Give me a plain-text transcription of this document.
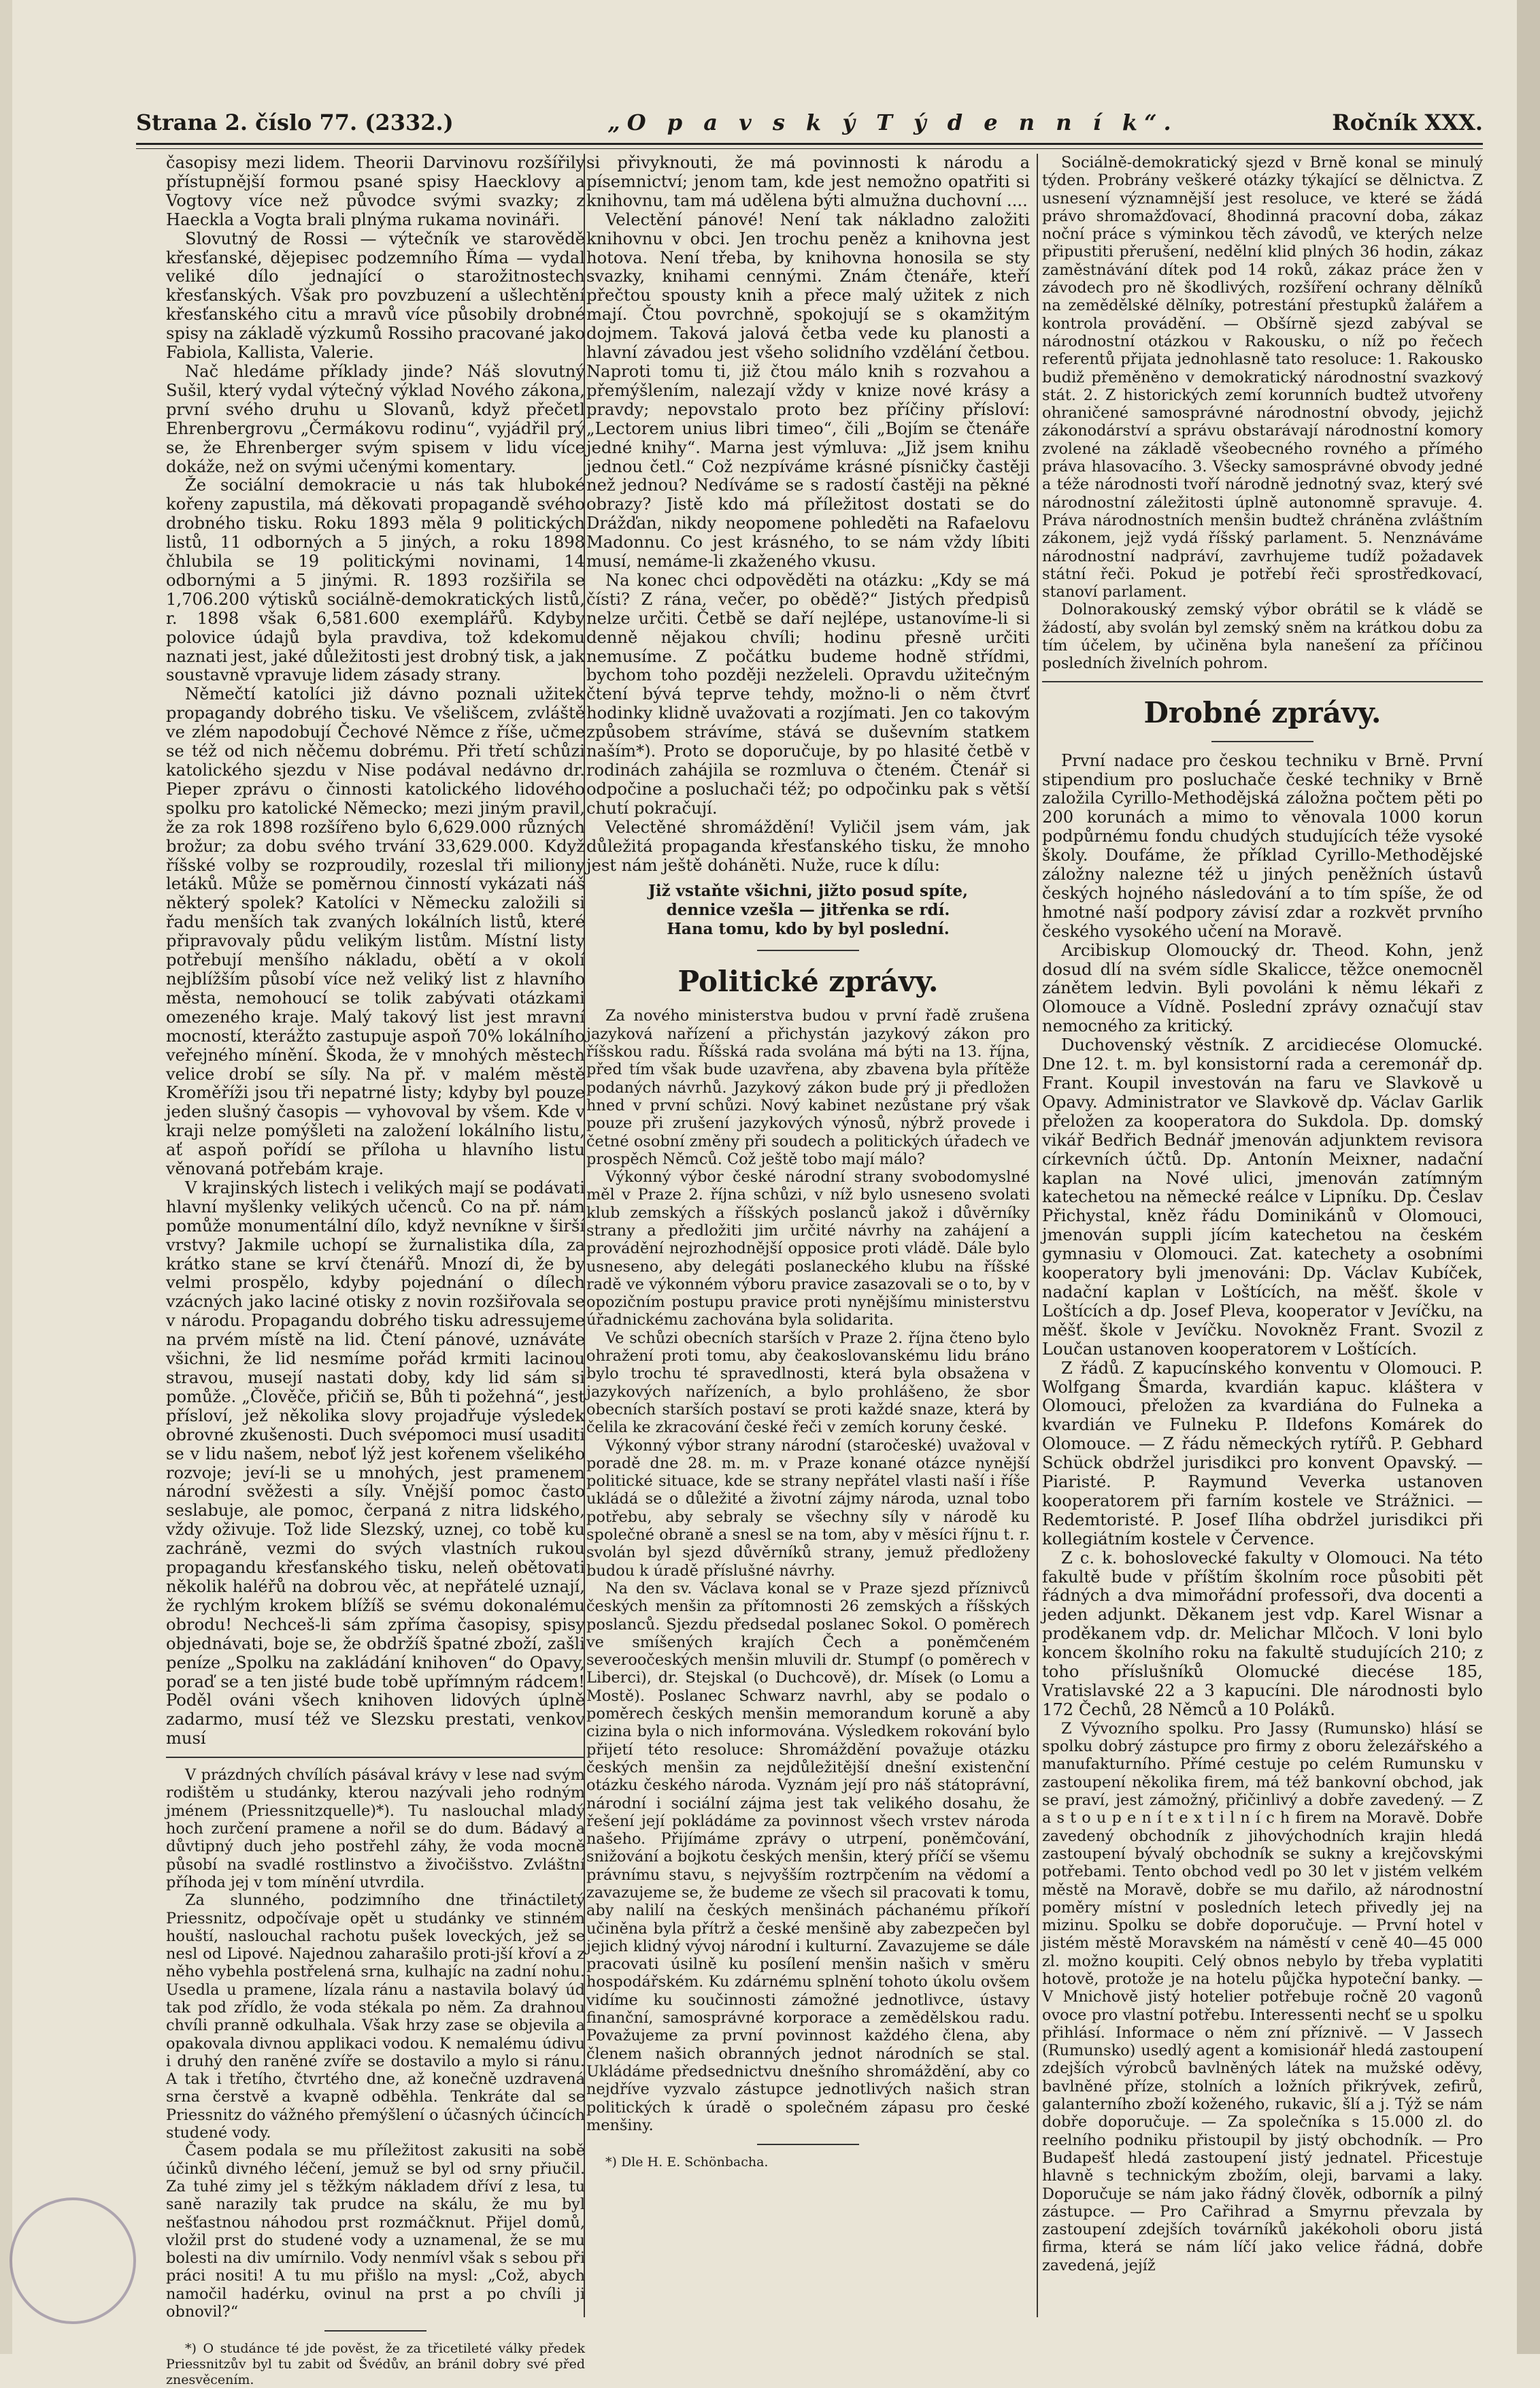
Strana 2. číslo 77. (2332.)	„O p a v s k ý T ý d e n n í k“.	Ročník XXX.

časopisy mezi lidem. Theorii Darvinovu rozšířily přístupnější formou psané spisy Haecklovy a Vogtovy více než původce svými svazky; z Haeckla a Vogta brali plnýma rukama novináři.

Slovutný de Rossi — výtečník ve starovědě křesťanské, dějepisec podzemního Říma — vydal veliké dílo jednající o starožitnostech křesťanských. Však pro povzbuzení a ušlechtění křesťanského citu a mravů více působily drobné spisy na základě výzkumů Rossiho pracované jako Fabiola, Kallista, Valerie.

Nač hledáme příklady jinde? Náš slovutný Sušil, který vydal výtečný výklad Nového zákona, první svého druhu u Slovanů, když přečetl Ehrenbergrovu „Čermákovu rodinu“, vyjádřil prý se, že Ehrenberger svým spisem v lidu více dokáže, než on svými učenými komentary.

Že sociální demokracie u nás tak hluboké kořeny zapustila, má děkovati propagandě svého drobného tisku. Roku 1893 měla 9 politických listů, 11 odborných a 5 jiných, a roku 1898 čhlubila se 19 politickými novinami, 14 odbornými a 5 jinými. R. 1893 rozšiřila se 1,706.200 výtisků sociálně-demokratických listů, r. 1898 však 6,581.600 exemplářů. Kdyby polovice údajů byla pravdiva, tož kdekomu naznati jest, jaké důležitosti jest drobný tisk, a jak soustavně vpravuje lidem zásady strany.

Němečtí katolíci již dávno poznali užitek propagandy dobrého tisku. Ve všelišcem, zvláště ve zlém napodobují Čechové Němce z říše, učme se též od nich něčemu dobrému. Při třetí schůzi katolického sjezdu v Nise podával nedávno dr. Pieper zprávu o činnosti katolického lidového spolku pro katolické Německo; mezi jiným pravil, že za rok 1898 rozšířeno bylo 6,629.000 různých brožur; za dobu svého trvání 33,629.000. Když říšské volby se rozproudily, rozeslal tři miliony letáků. Může se poměrnou činností vykázati náš některý spolek? Katolíci v Německu založili si řadu menších tak zvaných lokálních listů, které připravovaly půdu velikým listům. Místní listy potřebují menšího nákladu, obětí a v okolí nejblížším působí více než veliký list z hlavního města, nemohoucí se tolik zabývati otázkami omezeného kraje. Malý takový list jest mravní mocností, kterážto zastupuje aspoň 70% lokálního veřejného mínění. Škoda, že v mnohých městech velice drobí se síly. Na př. v malém městě Kroměříži jsou tři nepatrné listy; kdyby byl pouze jeden slušný časopis — vyhovoval by všem. Kde v kraji nelze pomýšleti na založení lokálního listu, ať aspoň pořídí se příloha u hlavního listu věnovaná potřebám kraje.

V krajinských listech i velikých mají se podávati hlavní myšlenky velikých učenců. Co na př. nám pomůže monumentální dílo, když nevníkne v širší vrstvy? Jakmile uchopí se žurnalistika díla, za krátko stane se krví čtenářů. Mnozí di, že by velmi prospělo, kdyby pojednání o dílech vzácných jako laciné otisky z novin rozšiřovala se v národu. Propagandu dobrého tisku adressujeme na prvém místě na lid. Čtení pánové, uznáváte všichni, že lid nesmíme pořád krmiti lacinou stravou, musejí nastati doby, kdy lid sám si pomůže. „Člověče, přičiň se, Bůh ti požehná“, jest přísloví, jež několika slovy projadřuje výsledek obrovné zkušenosti. Duch svépomoci musí usaditi se v lidu našem, neboť lýž jest kořenem všelikého rozvoje; jeví-li se u mnohých, jest pramenem národní svěžesti a síly. Vnější pomoc často seslabuje, ale pomoc, čerpaná z nitra lidského, vždy oživuje. Tož lide Slezský, uznej, co tobě ku zachráně, vezmi do svých vlastních rukou propagandu křesťanského tisku, neleň obětovati několik haléřů na dobrou věc, at nepřátelé uznají, že rychlým krokem blížíš se svému dokonalému obrodu! Nechceš-li sám zpříma časopisy, spisy objednávati, boje se, že obdržíš špatné zboží, zašli peníze „Spolku na zakládání knihoven“ do Opavy, poraď se a ten jisté bude tobě upřímným rádcem! Poděl ováni všech knihoven lidových úplně zadarmo, musí též ve Slezsku prestati, venkov musí

V prázdných chvílích pásával krávy v lese nad svým rodištěm u studánky, kterou nazývali jeho rodným jménem (Priessnitzquelle)*). Tu naslouchal mladý hoch zurčení pramene a nořil se do dum. Bádavý a důvtipný duch jeho postřehl záhy, že voda mocně působí na svadlé rostlinstvo a živočišstvo. Zvláštní příhoda jej v tom mínění utvrdila.

Za slunného, podzimního dne třináctiletý Priessnitz, odpočívaje opět u studánky ve stinném houští, naslouchal rachotu pušek loveckých, jež se nesl od Lipové. Najednou zaharašilo proti-jší křoví a z něho vybehla postřelená srna, kulhajíc na zadní nohu. Usedla u pramene, lízala ránu a nastavila bolavý úd tak pod zřídlo, že voda stékala po něm. Za drahnou chvíli pranně odkulhala. Však hrzy zase se objevila a opakovala divnou applikaci vodou. K nemalému údivu i druhý den raněné zvíře se dostavilo a mylo si ránu. A tak i třetího, čtvrtého dne, až konečně uzdravená srna čerstvě a kvapně odběhla. Tenkráte dal se Priessnitz do vážného přemýšlení o účasných účincích studené vody.

Časem podala se mu příležitost zakusiti na sobě účinků divného léčení, jemuž se byl od srny přiučil. Za tuhé zimy jel s těžkým nákladem dříví z lesa, tu saně narazily tak prudce na skálu, že mu byl nešťastnou náhodou prst rozmáčknut. Přijel domů, vložil prst do studené vody a uznamenal, že se mu bolesti na div umírnilo. Vody nenmívl však s sebou při práci nositi! A tu mu přišlo na mysl: „Což, abych namočil hadérku, ovinul na prst a po chvíli ji obnovil?“

*) O studánce té jde pověst, že za třicetileté války předek Priessnitzův byl tu zabit od Švédův, an bránil dobry své před znesvěcením.

si přivyknouti, že má povinnosti k národu a písemnictví; jenom tam, kde jest nemožno opatřiti si knihovnu, tam má udělena býti almužna duchovní ....

Velectění pánové! Není tak nákladno založiti knihovnu v obci. Jen trochu peněz a knihovna jest hotova. Není třeba, by knihovna honosila se sty svazky, knihami cennými. Znám čtenáře, kteří přečtou spousty knih a přece malý užitek z nich mají. Čtou povrchně, spokojují se s okamžitým dojmem. Taková jalová četba vede ku planosti a hlavní závadou jest všeho solidního vzdělání četbou. Naproti tomu ti, již čtou málo knih s rozvahou a přemýšlením, nalezají vždy v knize nové krásy a pravdy; nepovstalo proto bez příčiny přísloví: „Lectorem unius libri timeo“, čili „Bojím se čtenáře jedné knihy“. Marna jest výmluva: „Již jsem knihu jednou četl.“ Což nezpíváme krásné písničky častěji než jednou? Nedíváme se s radostí častěji na pěkné obrazy? Jistě kdo má příležitost dostati se do Drážďan, nikdy neopomene pohleděti na Rafaelovu Madonnu. Co jest krásného, to se nám vždy líbiti musí, nemáme-li zkaženého vkusu.

Na konec chci odpověděti na otázku: „Kdy se má čísti? Z rána, večer, po obědě?“ Jistých předpisů nelze určiti. Četbě se daří nejlépe, ustanovíme-li si denně nějakou chvíli; hodinu přesně určiti nemusíme. Z počátku budeme hodně střídmi, bychom toho později nezželeli. Opravdu užitečným čtení bývá teprve tehdy, možno-li o něm čtvrť hodinky klidně uvažovati a rozjímati. Jen co takovým způsobem strávíme, stává se duševním statkem naším*). Proto se doporučuje, by po hlasité četbě v rodinách zahájila se rozmluva o čteném. Čtenář si odpočine a posluchači též; po odpočinku pak s větší chutí pokračují.

Velectěné shromáždění! Vyličil jsem vám, jak důležitá propaganda křesťanského tisku, že mnoho jest nám ještě doháněti. Nuže, ruce k dílu:

Již vstaňte všichni, jižto posud spíte,
dennice vzešla — jitřenka se rdí.
Hana tomu, kdo by byl poslední.
Politické zprávy.

Za nového ministerstva budou v první řadě zrušena jazyková nařízení a přichystán jazykový zákon pro říšskou radu. Říšská rada svolána má býti na 13. října, před tím však bude uzavřena, aby zbavena byla přítěže podaných návrhů. Jazykový zákon bude prý ji předložen hned v první schůzi. Nový kabinet nezůstane prý však pouze při zrušení jazykových výnosů, nýbrž provede i četné osobní změny při soudech a politických úřadech ve prospěch Němců. Což ještě tobo mají málo?

Výkonný výbor české národní strany svobodomyslné měl v Praze 2. října schůzi, v níž bylo usneseno svolati klub zemských a říšských poslanců jakož i důvěrníky strany a předložiti jim určité návrhy na zahájení a provádění nejrozhodnější opposice proti vládě. Dále bylo usneseno, aby delegáti poslaneckého klubu na říšské radě ve výkonném výboru pravice zasazovali se o to, by v opozičním postupu pravice proti nynějšímu ministerstvu úřadnickému zachována byla solidarita.

Ve schůzi obecních starších v Praze 2. října čteno bylo ohražení proti tomu, aby čeakoslovanskému lidu bráno bylo trochu té spravedlnosti, která byla obsažena v jazykových nařízeních, a bylo prohlášeno, že sbor obecních starších postaví se proti každé snaze, která by čelila ke zkracování české řeči v zemích koruny české.

Výkonný výbor strany národní (staročeské) uvažoval v poradě dne 28. m. m. v Praze konané otázce nynější politické situace, kde se strany nepřátel vlasti naší i říše ukládá se o důležité a životní zájmy národa, uznal tobo potřebu, aby sebraly se všechny síly v národě ku společné obraně a snesl se na tom, aby v měsíci říjnu t. r. svolán byl sjezd důvěrníků strany, jemuž předloženy budou k úradě příslušné návrhy.

Na den sv. Václava konal se v Praze sjezd příznivců českých menšin za přítomnosti 26 zemských a říšských poslanců. Sjezdu předsedal poslanec Sokol. O poměrech ve smíšených krajích Čech a poněmčeném severoočeských menšin mluvili dr. Stumpf (o poměrech v Liberci), dr. Stejskal (o Duchcově), dr. Mísek (o Lomu a Mostě). Poslanec Schwarz navrhl, aby se podalo o poměrech českých menšin memorandum koruně a aby cizina byla o nich informována. Výsledkem rokování bylo přijetí této resoluce: Shromáždění považuje otázku českých menšin za nejdůležitější dnešní existenční otázku českého národa. Vyznám její pro náš státoprávní, národní i sociální zájma jest tak velikého dosahu, že řešení její pokládáme za povinnost všech vrstev národa našeho. Přijímáme zprávy o utrpení, poněmčování, snižování a bojkotu českých menšin, který příčí se všemu právnímu stavu, s nejvyšším roztrpčením na vědomí a zavazujeme se, že budeme ze všech sil pracovati k tomu, aby nalilí na českých menšinách páchanému příkoří učiněna byla přítrž a české menšině aby zabezpečen byl jejich klidný vývoj národní i kulturní. Zavazujeme se dále pracovati úsilně ku posílení menšin našich v směru hospodářském. Ku zdárnému splnění tohoto úkolu ovšem vidíme ku součinnosti zámožné jednotlivce, ústavy finanční, samosprávné korporace a zemědělskou radu. Považujeme za první povinnost každého člena, aby členem našich obranných jednot národních se stal. Ukládáme předsednictvu dnešního shromáždění, aby co nejdříve vyzvalo zástupce jednotlivých našich stran politických k úradě o společném zápasu pro české menšiny.

*) Dle H. E. Schönbacha.

Sociálně-demokratický sjezd v Brně konal se minulý týden. Probrány veškeré otázky týkající se dělnictva. Z usnesení významnější jest resoluce, ve které se žádá právo shromažďovací, 8hodinná pracovní doba, zákaz noční práce s výminkou těch závodů, ve kterých nelze připustiti přerušení, nedělní klid plných 36 hodin, zákaz zaměstnávání dítek pod 14 roků, zákaz práce žen v závodech pro ně škodlivých, rozšíření ochrany dělníků na zemědělské dělníky, potrestání přestupků žalářem a kontrola provádění. — Obšírně sjezd zabýval se národnostní otázkou v Rakousku, o níž po řečech referentů přijata jednohlasně tato resoluce: 1. Rakousko budiž přeměněno v demokratický národnostní svazkový stát. 2. Z historických zemí korunních budtež utvořeny ohraničené samosprávné národnostní obvody, jejichž zákonodárství a správu obstarávají národnostní komory zvolené na základě všeobecného rovného a přímého práva hlasovacího. 3. Všecky samosprávné obvody jedné a téže národnosti tvoří národně jednotný svaz, který své národnostní záležitosti úplně autonomně spravuje. 4. Práva národnostních menšin budtež chráněna zvláštním zákonem, jejž vydá říšský parlament. 5. Nenznáváme národnostní nadpráví, zavrhujeme tudíž požadavek státní řeči. Pokud je potřebí řeči sprostředkovací, stanoví parlament.

Dolnorakouský zemský výbor obrátil se k vládě se žádostí, aby svolán byl zemský sněm na krátkou dobu za tím účelem, by učiněna byla nanešení za příčinou posledních živelních pohrom.

Drobné zprávy.

První nadace pro českou techniku v Brně. První stipendium pro posluchače české techniky v Brně založila Cyrillo-Methodějská záložna počtem pěti po 200 korunách a mimo to věnovala 1000 korun podpůrnému fondu chudých studujících téže vysoké školy. Doufáme, že příklad Cyrillo-Methodějské záložny nalezne též u jiných peněžních ústavů českých hojného následování a to tím spíše, že od hmotné naší podpory závisí zdar a rozkvět prvního českého vysokého učení na Moravě.

Arcibiskup Olomoucký dr. Theod. Kohn, jenž dosud dlí na svém sídle Skalicce, těžce onemocněl zánětem ledvin. Byli povoláni k němu lékaři z Olomouce a Vídně. Poslední zprávy označují stav nemocného za kritický.

Duchovenský věstník. Z arcidiecése Olomucké. Dne 12. t. m. byl konsistorní rada a ceremonář dp. Frant. Koupil investován na faru ve Slavkově u Opavy. Administrator ve Slavkově dp. Václav Garlik přeložen za kooperatora do Sukdola. Dp. domský vikář Bedřich Bednář jmenován adjunktem revisora církevních účtů. Dp. Antonín Meixner, nadační kaplan na Nové ulici, jmenován zatímným katechetou na německé reálce v Lipníku. Dp. Česlav Přichystal, kněz řádu Dominikánů v Olomouci, jmenován suppli jícím katechetou na českém gymnasiu v Olomouci. Zat. katechety a osobními kooperatory byli jmenováni: Dp. Václav Kubíček, nadační kaplan v Loštících, na měšť. škole v Loštících a dp. Josef Pleva, kooperator v Jevíčku, na měšť. škole v Jevíčku. Novokněz Frant. Svozil z Loučan ustanoven kooperatorem v Loštících.

Z řádů. Z kapucínského konventu v Olomouci. P. Wolfgang Šmarda, kvardián kapuc. kláštera v Olomouci, přeložen za kvardiána do Fulneka a kvardián ve Fulneku P. Ildefons Komárek do Olomouce. — Z řádu německých rytířů. P. Gebhard Schück obdržel jurisdikci pro konvent Opavský. — Piaristé. P. Raymund Veverka ustanoven kooperatorem při farním kostele ve Strážnici. — Redemtoristé. P. Josef Ilíha obdržel jurisdikci při kollegiátním kostele v Července.

Z c. k. bohoslovecké fakulty v Olomouci. Na této fakultě bude v příštím školním roce působiti pět řádných a dva mimořádní professoři, dva docenti a jeden adjunkt. Děkanem jest vdp. Karel Wisnar a proděkanem vdp. dr. Melichar Mlčoch. V loni bylo koncem školního roku na fakultě studujících 210; z toho příslušníků Olomucké diecése 185, Vratislavské 22 a 3 kapucíni. Dle národnosti bylo 172 Čechů, 28 Němců a 10 Poláků.

Z Vývozního spolku. Pro Jassy (Rumunsko) hlásí se spolku dobrý zástupce pro firmy z oboru železářského a manufakturního. Přímé cestuje po celém Rumunsku v zastoupení několika firem, má též bankovní obchod, jak se praví, jest zámožný, přičinlivý a dobře zavedený. — Z a s t o u p e n í t e x t i l n í c h firem na Moravě. Dobře zavedený obchodník z jihovýchodních krajin hledá zastoupení bývalý obchodník se sukny a krejčovskými potřebami. Tento obchod vedl po 30 let v jistém velkém městě na Moravě, dobře se mu dařilo, až národnostní poměry místní v posledních letech přivedly jej na mizinu. Spolku se dobře doporučuje. — První hotel v jistém městě Moravském na náměstí v ceně 40—45 000 zl. možno koupiti. Celý obnos nebylo by třeba vyplatiti hotově, protože je na hotelu půjčka hypoteční banky. — V Mnichově jistý hotelier potřebuje ročně 20 vagonů ovoce pro vlastní potřebu. Interessenti nechť se u spolku přihlásí. Informace o něm zní příznivě. — V Jassech (Rumunsko) usedlý agent a komisionář hledá zastoupení zdejších výrobců bavlněných látek na mužské oděvy, bavlněné příze, stolních a ložních přikrývek, zefirů, galanterního zboží koženého, rukavic, šlí a j. Týž se nám dobře doporučuje. — Za společníka s 15.000 zl. do reelního podniku přistoupil by jistý obchodník. — Pro Budapešť hledá zastoupení jistý jednatel. Přicestuje hlavně s technickým zbožím, oleji, barvami a laky. Doporučuje se nám jako řádný člověk, odborník a pilný zástupce. — Pro Cařihrad a Smyrnu převzala by zastoupení zdejších továrníků jakékoholi oboru jistá firma, která se nám líčí jako velice řádná, dobře zavedená, jejíž
